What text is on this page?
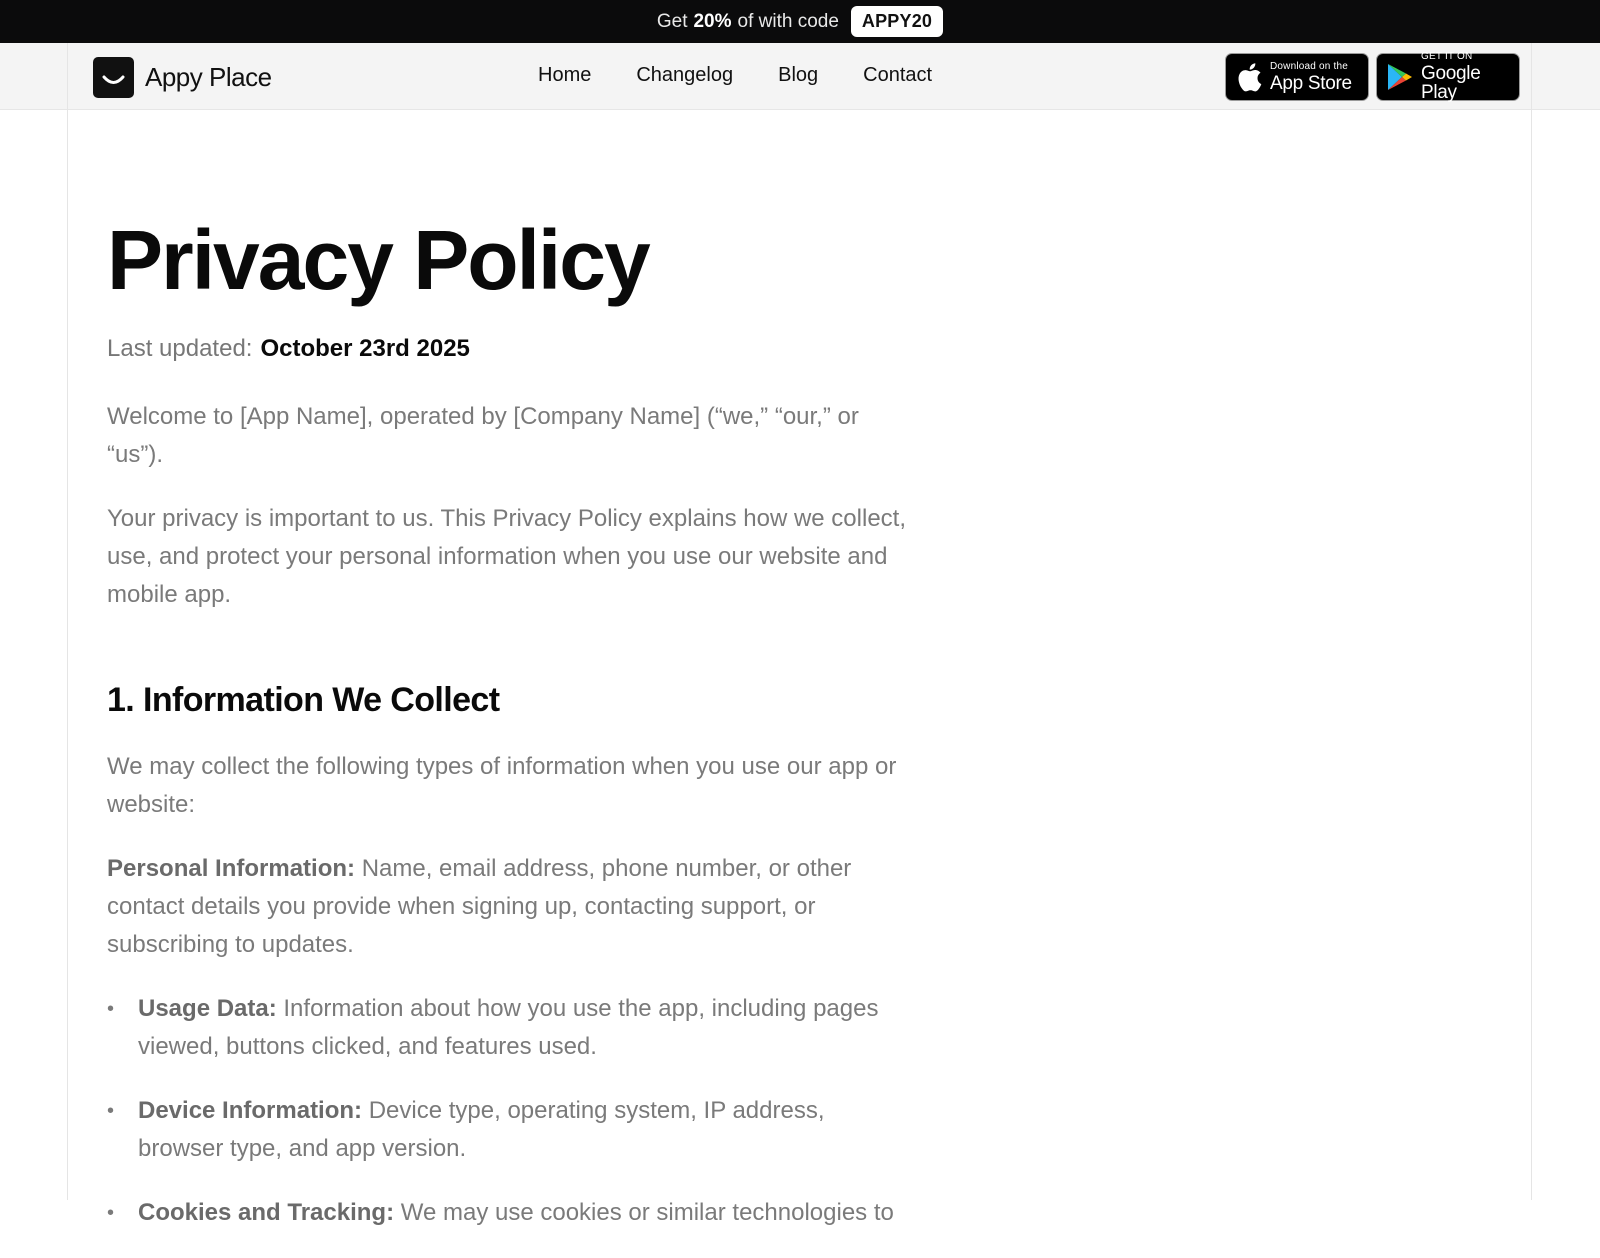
Get 20% of with code	APPY20
Appy Place	Home Changelog Blog Contact	Download on the
App Store
GET IT ON
Google Play
Privacy Policy
Last updated: October 23rd 2025

Welcome to [App Name], operated by [Company Name] (“we,” “our,” or “us”).

Your privacy is important to us. This Privacy Policy explains how we collect, use, and protect your personal information when you use our website and mobile app.

1. Information We Collect

We may collect the following types of information when you use our app or website:

Personal Information: Name, email address, phone number, or other contact details you provide when signing up, contacting support, or subscribing to updates.

• Usage Data: Information about how you use the app, including pages viewed, buttons clicked, and features used.
• Device Information: Device type, operating system, IP address, browser type, and app version.
• Cookies and Tracking: We may use cookies or similar technologies to
